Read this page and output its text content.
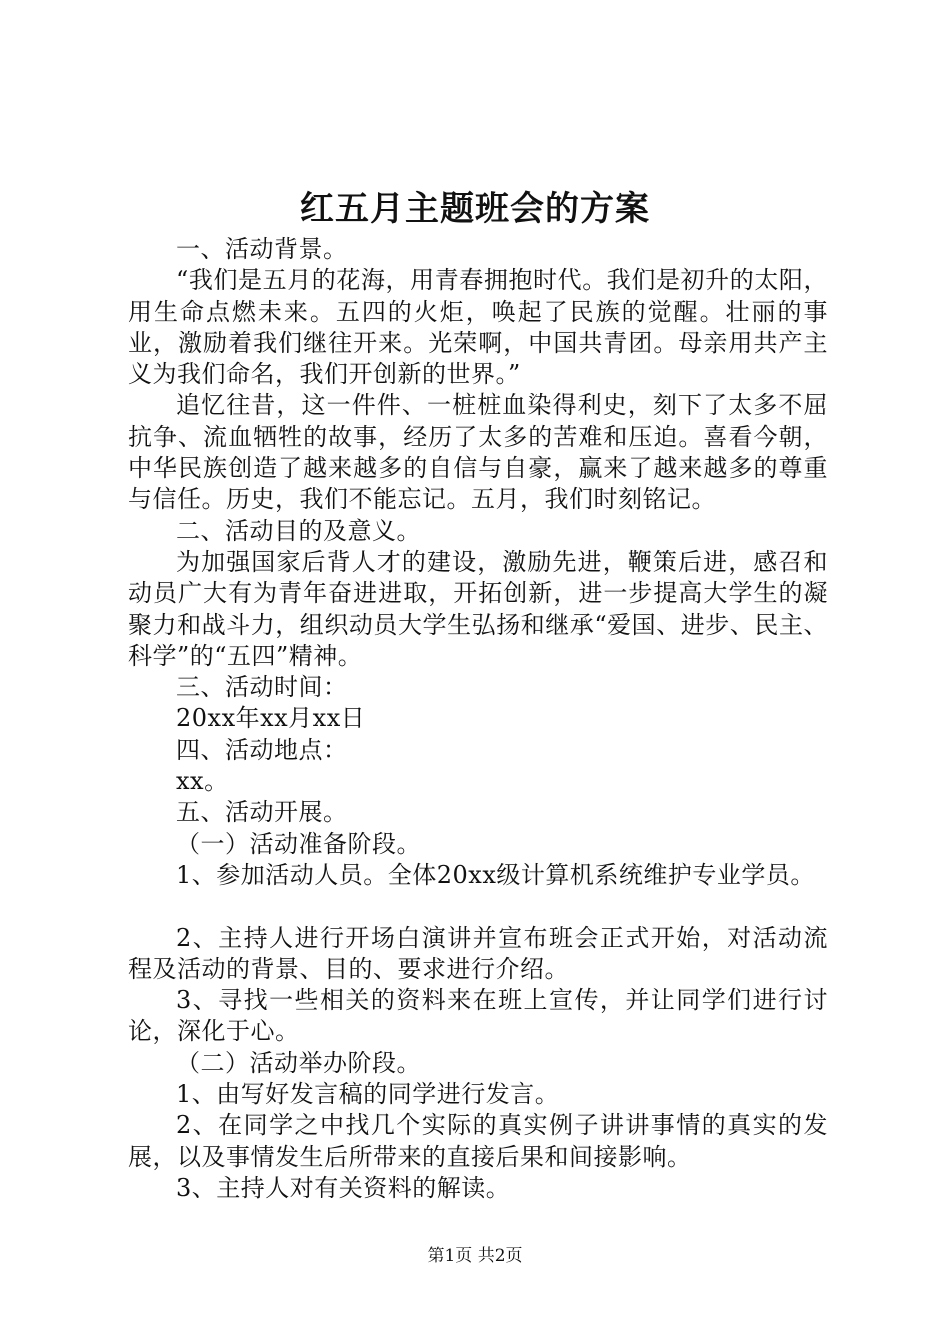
红五月主题班会的方案

一、活动背景。

“我们是五月的花海，用青春拥抱时代。我们是初升的太阳，用生命点燃未来。五四的火炬，唤起了民族的觉醒。壮丽的事业，激励着我们继往开来。光荣啊，中国共青团。母亲用共产主义为我们命名，我们开创新的世界。”

追忆往昔，这一件件、一桩桩血染得利史，刻下了太多不屈抗争、流血牺牲的故事，经历了太多的苦难和压迫。喜看今朝，中华民族创造了越来越多的自信与自豪，赢来了越来越多的尊重与信任。历史，我们不能忘记。五月，我们时刻铭记。

二、活动目的及意义。

为加强国家后背人才的建设，激励先进，鞭策后进，感召和动员广大有为青年奋进进取，开拓创新，进一步提高大学生的凝聚力和战斗力，组织动员大学生弘扬和继承“爱国、进步、民主、科学”的“五四”精神。

三、活动时间：

20xx年xx月xx日

四、活动地点：

xx。

五、活动开展。

（一）活动准备阶段。

1、参加活动人员。全体20xx级计算机系统维护专业学员。

2、主持人进行开场白演讲并宣布班会正式开始，对活动流程及活动的背景、目的、要求进行介绍。

3、寻找一些相关的资料来在班上宣传，并让同学们进行讨论，深化于心。

（二）活动举办阶段。

1、由写好发言稿的同学进行发言。

2、在同学之中找几个实际的真实例子讲讲事情的真实的发展，以及事情发生后所带来的直接后果和间接影响。

3、主持人对有关资料的解读。

第1页 共2页
